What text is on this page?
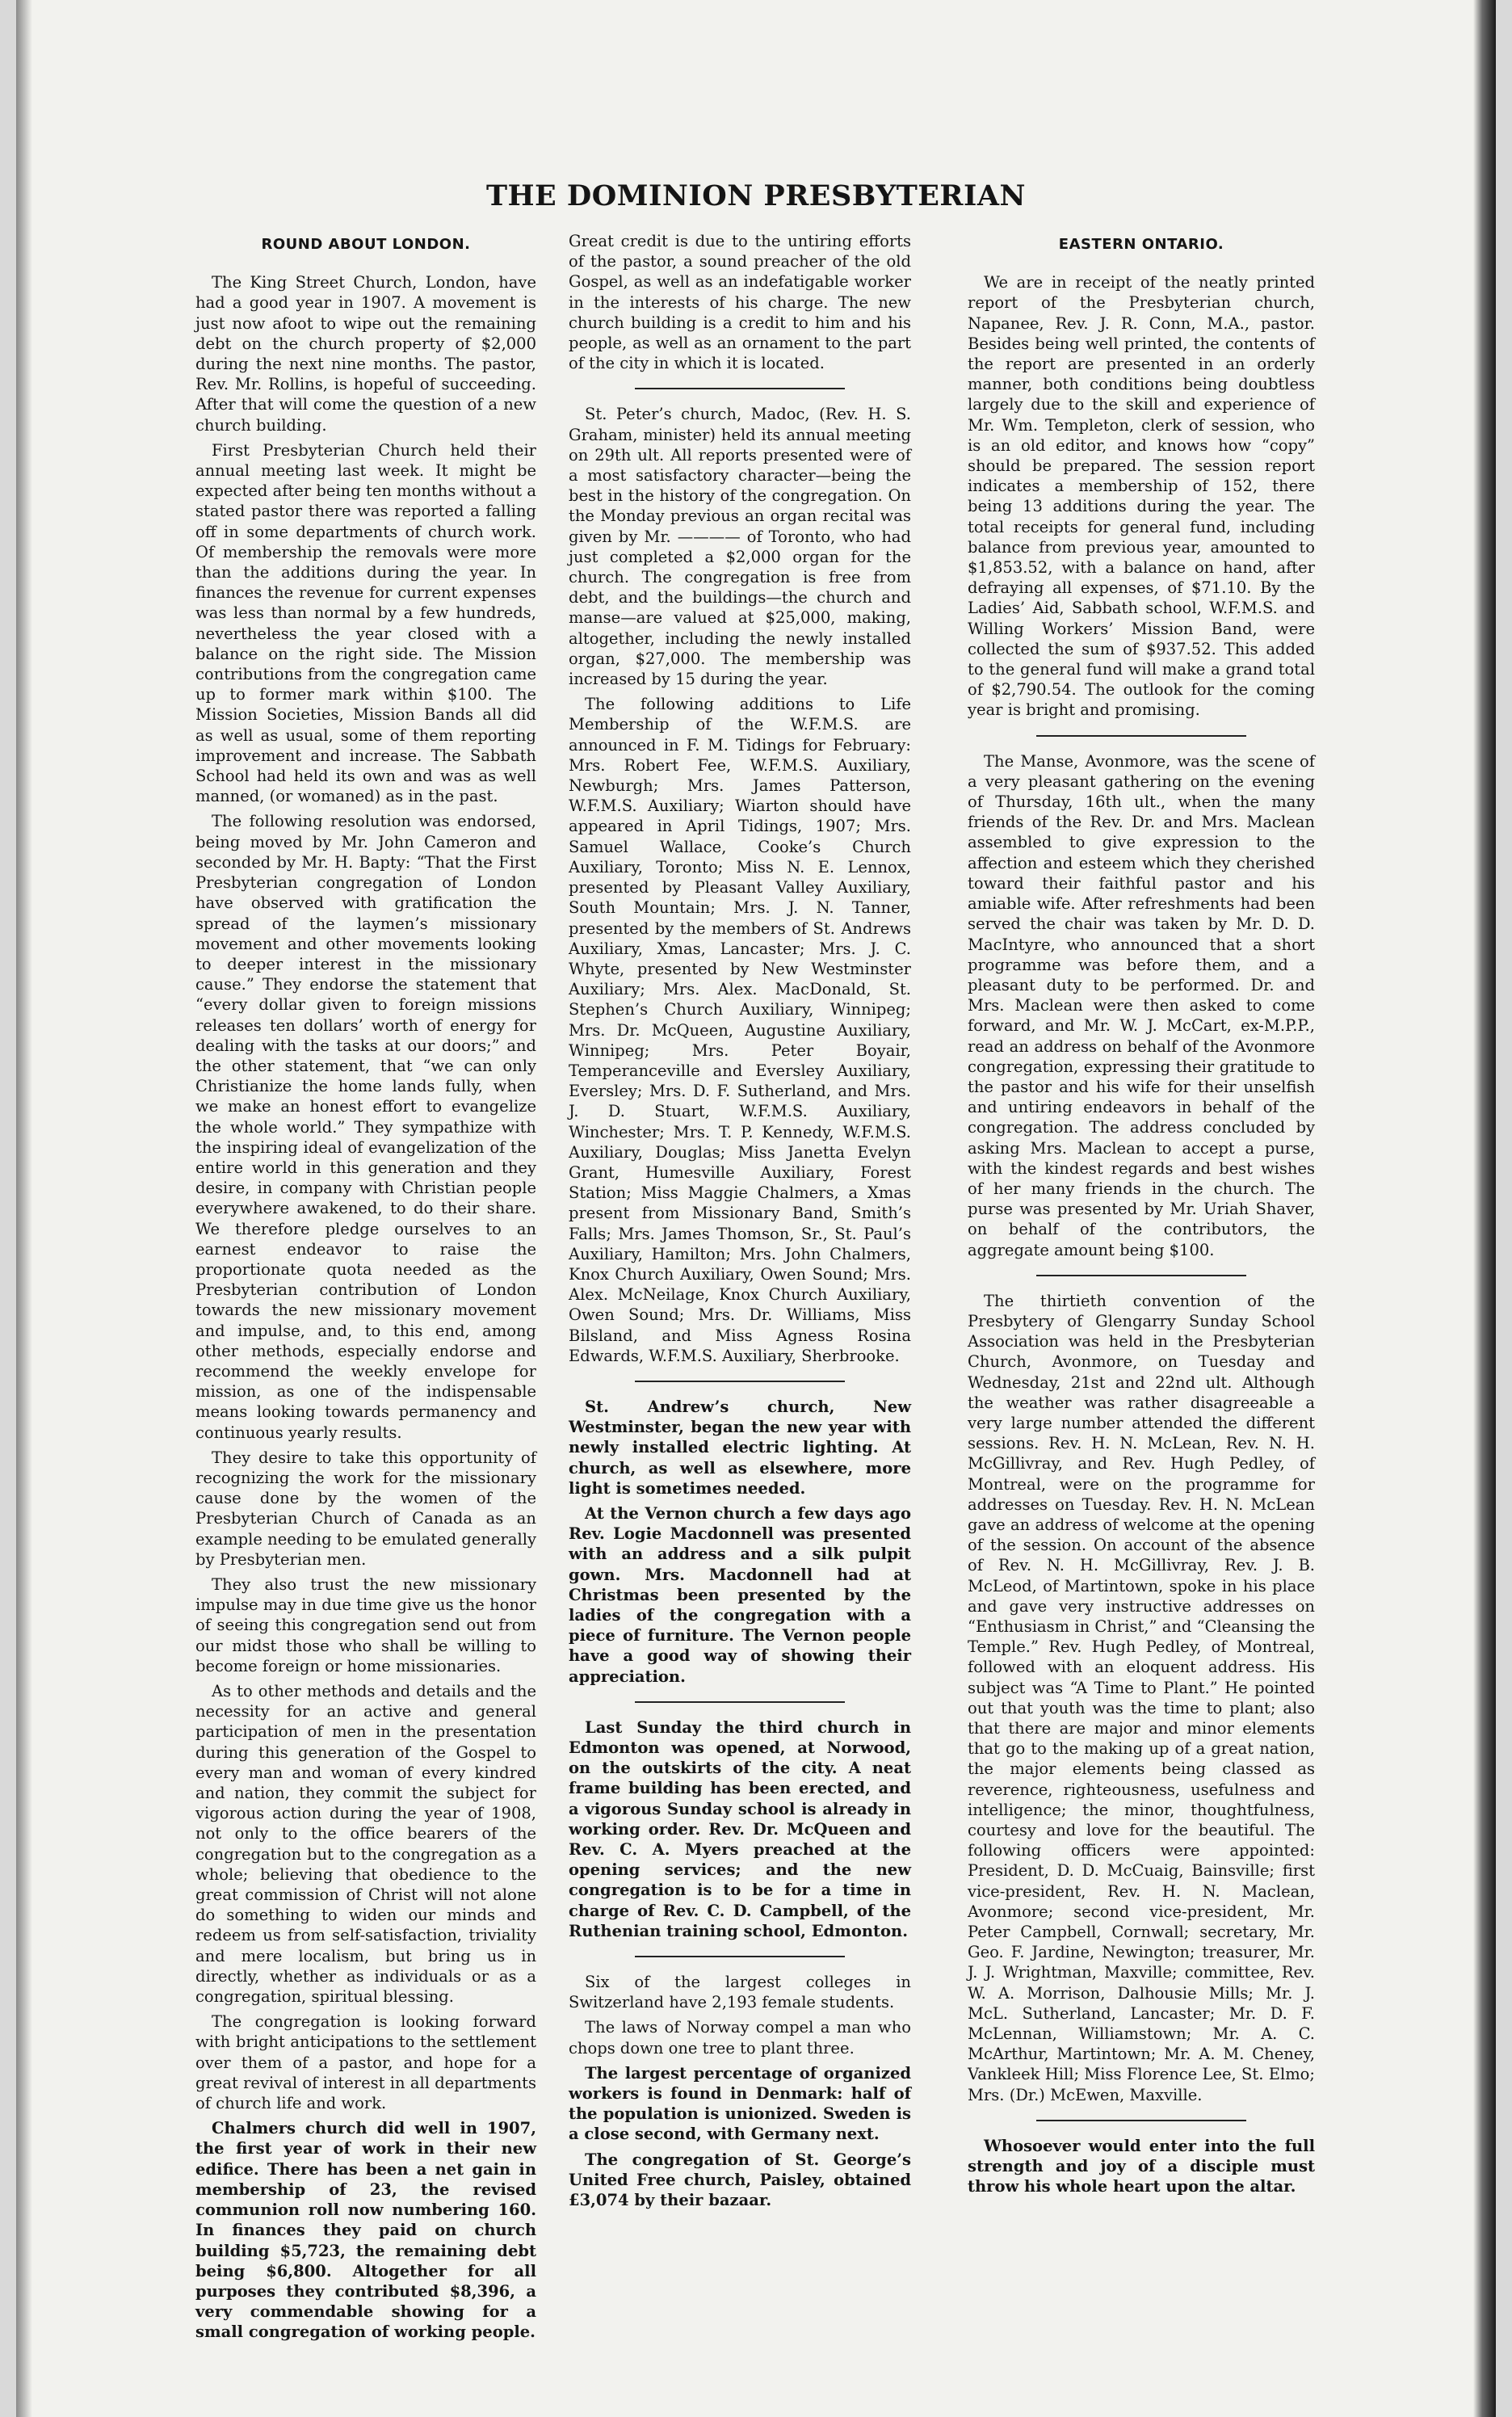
THE DOMINION PRESBYTERIAN
ROUND ABOUT LONDON.

The King Street Church, London, have had a good year in 1907. A movement is just now afoot to wipe out the remaining debt on the church property of $2,000 during the next nine months. The pastor, Rev. Mr. Rollins, is hopeful of succeeding. After that will come the question of a new church building.

First Presbyterian Church held their annual meeting last week. It might be expected after being ten months without a stated pastor there was reported a falling off in some departments of church work. Of membership the removals were more than the additions during the year. In finances the revenue for current expenses was less than normal by a few hundreds, nevertheless the year closed with a balance on the right side. The Mission contributions from the congregation came up to former mark within $100. The Mission Societies, Mission Bands all did as well as usual, some of them reporting improvement and increase. The Sabbath School had held its own and was as well manned, (or womaned) as in the past.

The following resolution was endorsed, being moved by Mr. John Cameron and seconded by Mr. H. Bapty: “That the First Presbyterian congregation of London have observed with gratification the spread of the laymen’s missionary movement and other movements looking to deeper interest in the missionary cause.” They endorse the statement that “every dollar given to foreign missions releases ten dollars’ worth of energy for dealing with the tasks at our doors;” and the other statement, that “we can only Christianize the home lands fully, when we make an honest effort to evangelize the whole world.” They sympathize with the inspiring ideal of evangelization of the entire world in this generation and they desire, in company with Christian people everywhere awakened, to do their share. We therefore pledge ourselves to an earnest endeavor to raise the proportionate quota needed as the Presbyterian contribution of London towards the new missionary movement and impulse, and, to this end, among other methods, especially endorse and recommend the weekly envelope for mission, as one of the indispensable means looking towards permanency and continuous yearly results.

They desire to take this opportunity of recognizing the work for the missionary cause done by the women of the Presbyterian Church of Canada as an example needing to be emulated generally by Presbyterian men.

They also trust the new missionary impulse may in due time give us the honor of seeing this congregation send out from our midst those who shall be willing to become foreign or home missionaries.

As to other methods and details and the necessity for an active and general participation of men in the presentation during this generation of the Gospel to every man and woman of every kindred and nation, they commit the subject for vigorous action during the year of 1908, not only to the office bearers of the congregation but to the congregation as a whole; believing that obedience to the great commission of Christ will not alone do something to widen our minds and redeem us from self-satisfaction, triviality and mere localism, but bring us in directly, whether as individuals or as a congregation, spiritual blessing.

The congregation is looking forward with bright anticipations to the settlement over them of a pastor, and hope for a great revival of interest in all departments of church life and work.

Chalmers church did well in 1907, the first year of work in their new edifice. There has been a net gain in membership of 23, the revised communion roll now numbering 160. In finances they paid on church building $5,723, the remaining debt being $6,800. Altogether for all purposes they contributed $8,396, a very commendable showing for a small congregation of working people.

Great credit is due to the untiring efforts of the pastor, a sound preacher of the old Gospel, as well as an indefatigable worker in the interests of his charge. The new church building is a credit to him and his people, as well as an ornament to the part of the city in which it is located.

St. Peter’s church, Madoc, (Rev. H. S. Graham, minister) held its annual meeting on 29th ult. All reports presented were of a most satisfactory character—being the best in the history of the congregation. On the Monday previous an organ recital was given by Mr. ———— of Toronto, who had just completed a $2,000 organ for the church. The congregation is free from debt, and the buildings—the church and manse—are valued at $25,000, making, altogether, including the newly installed organ, $27,000. The membership was increased by 15 during the year.

The following additions to Life Membership of the W.F.M.S. are announced in F. M. Tidings for February: Mrs. Robert Fee, W.F.M.S. Auxiliary, Newburgh; Mrs. James Patterson, W.F.M.S. Auxiliary; Wiarton should have appeared in April Tidings, 1907; Mrs. Samuel Wallace, Cooke’s Church Auxiliary, Toronto; Miss N. E. Lennox, presented by Pleasant Valley Auxiliary, South Mountain; Mrs. J. N. Tanner, presented by the members of St. Andrews Auxiliary, Xmas, Lancaster; Mrs. J. C. Whyte, presented by New Westminster Auxiliary; Mrs. Alex. MacDonald, St. Stephen’s Church Auxiliary, Winnipeg; Mrs. Dr. McQueen, Augustine Auxiliary, Winnipeg; Mrs. Peter Boyair, Temperanceville and Eversley Auxiliary, Eversley; Mrs. D. F. Sutherland, and Mrs. J. D. Stuart, W.F.M.S. Auxiliary, Winchester; Mrs. T. P. Kennedy, W.F.M.S. Auxiliary, Douglas; Miss Janetta Evelyn Grant, Humesville Auxiliary, Forest Station; Miss Maggie Chalmers, a Xmas present from Missionary Band, Smith’s Falls; Mrs. James Thomson, Sr., St. Paul’s Auxiliary, Hamilton; Mrs. John Chalmers, Knox Church Auxiliary, Owen Sound; Mrs. Alex. McNeilage, Knox Church Auxiliary, Owen Sound; Mrs. Dr. Williams, Miss Bilsland, and Miss Agness Rosina Edwards, W.F.M.S. Auxiliary, Sherbrooke.

St. Andrew’s church, New Westminster, began the new year with newly installed electric lighting. At church, as well as elsewhere, more light is sometimes needed.

At the Vernon church a few days ago Rev. Logie Macdonnell was presented with an address and a silk pulpit gown. Mrs. Macdonnell had at Christmas been presented by the ladies of the congregation with a piece of furniture. The Vernon people have a good way of showing their appreciation.

Last Sunday the third church in Edmonton was opened, at Norwood, on the outskirts of the city. A neat frame building has been erected, and a vigorous Sunday school is already in working order. Rev. Dr. McQueen and Rev. C. A. Myers preached at the opening services; and the new congregation is to be for a time in charge of Rev. C. D. Campbell, of the Ruthenian training school, Edmonton.

Six of the largest colleges in Switzerland have 2,193 female students.

The laws of Norway compel a man who chops down one tree to plant three.

The largest percentage of organized workers is found in Denmark: half of the population is unionized. Sweden is a close second, with Germany next.

The congregation of St. George’s United Free church, Paisley, obtained £3,074 by their bazaar.

EASTERN ONTARIO.

We are in receipt of the neatly printed report of the Presbyterian church, Napanee, Rev. J. R. Conn, M.A., pastor. Besides being well printed, the contents of the report are presented in an orderly manner, both conditions being doubtless largely due to the skill and experience of Mr. Wm. Templeton, clerk of session, who is an old editor, and knows how “copy” should be prepared. The session report indicates a membership of 152, there being 13 additions during the year. The total receipts for general fund, including balance from previous year, amounted to $1,853.52, with a balance on hand, after defraying all expenses, of $71.10. By the Ladies’ Aid, Sabbath school, W.F.M.S. and Willing Workers’ Mission Band, were collected the sum of $937.52. This added to the general fund will make a grand total of $2,790.54. The outlook for the coming year is bright and promising.

The Manse, Avonmore, was the scene of a very pleasant gathering on the evening of Thursday, 16th ult., when the many friends of the Rev. Dr. and Mrs. Maclean assembled to give expression to the affection and esteem which they cherished toward their faithful pastor and his amiable wife. After refreshments had been served the chair was taken by Mr. D. D. MacIntyre, who announced that a short programme was before them, and a pleasant duty to be performed. Dr. and Mrs. Maclean were then asked to come forward, and Mr. W. J. McCart, ex-M.P.P., read an address on behalf of the Avonmore congregation, expressing their gratitude to the pastor and his wife for their unselfish and untiring endeavors in behalf of the congregation. The address concluded by asking Mrs. Maclean to accept a purse, with the kindest regards and best wishes of her many friends in the church. The purse was presented by Mr. Uriah Shaver, on behalf of the contributors, the aggregate amount being $100.

The thirtieth convention of the Presbytery of Glengarry Sunday School Association was held in the Presbyterian Church, Avonmore, on Tuesday and Wednesday, 21st and 22nd ult. Although the weather was rather disagreeable a very large number attended the different sessions. Rev. H. N. McLean, Rev. N. H. McGillivray, and Rev. Hugh Pedley, of Montreal, were on the programme for addresses on Tuesday. Rev. H. N. McLean gave an address of welcome at the opening of the session. On account of the absence of Rev. N. H. McGillivray, Rev. J. B. McLeod, of Martintown, spoke in his place and gave very instructive addresses on “Enthusiasm in Christ,” and “Cleansing the Temple.” Rev. Hugh Pedley, of Montreal, followed with an eloquent address. His subject was “A Time to Plant.” He pointed out that youth was the time to plant; also that there are major and minor elements that go to the making up of a great nation, the major elements being classed as reverence, righteousness, usefulness and intelligence; the minor, thoughtfulness, courtesy and love for the beautiful. The following officers were appointed: President, D. D. McCuaig, Bainsville; first vice-president, Rev. H. N. Maclean, Avonmore; second vice-president, Mr. Peter Campbell, Cornwall; secretary, Mr. Geo. F. Jardine, Newington; treasurer, Mr. J. J. Wrightman, Maxville; committee, Rev. W. A. Morrison, Dalhousie Mills; Mr. J. McL. Sutherland, Lancaster; Mr. D. F. McLennan, Williamstown; Mr. A. C. McArthur, Martintown; Mr. A. M. Cheney, Vankleek Hill; Miss Florence Lee, St. Elmo; Mrs. (Dr.) McEwen, Maxville.

Whosoever would enter into the full strength and joy of a disciple must throw his whole heart upon the altar.
